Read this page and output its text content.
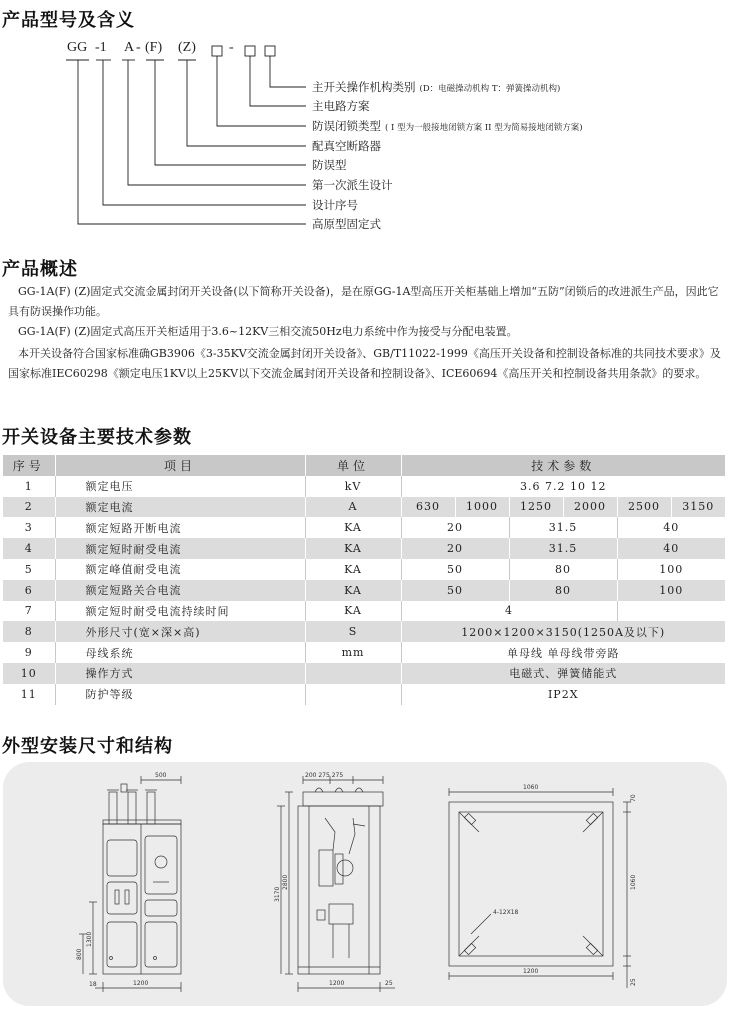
产品型号及含义
GG -1 A - (F) (Z) -
主开关操作机构类别 (D：电磁操动机构 T：弹簧操动机构)
主电路方案
防误闭锁类型 ( I 型为一般接地闭锁方案 II 型为简易接地闭锁方案)
配真空断路器
防误型
第一次派生设计
设计序号
高原型固定式
产品概述

GG-1A(F) (Z)固定式交流金属封闭开关设备(以下简称开关设备)，是在原GG-1A型高压开关柜基础上增加“五防”闭锁后的改进派生产品，因此它具有防误操作功能。

GG-1A(F) (Z)固定式高压开关柜适用于3.6~12KV三相交流50Hz电力系统中作为接受与分配电装置。

本开关设备符合国家标准确GB3906《3-35KV交流金属封闭开关设备》、GB/T11022-1999《高压开关设备和控制设备标准的共同技术要求》及国家标准IEC60298《额定电压1KV以上25KV以下交流金属封闭开关设备和控制设备》、ICE60694《高压开关和控制设备共用条款》的要求。

开关设备主要技术参数
序号	项目	单位	技术参数					
1	额定电压	kV	3.6 7.2 10 12					
2	额定电流	A	630	1000	1250	2000	2500	3150
3	额定短路开断电流	KA	20		31.5		40	
4	额定短时耐受电流	KA	20		31.5		40	
5	额定峰值耐受电流	KA	50		80		100	
6	额定短路关合电流	KA	50		80		100	
7	额定短时耐受电流持续时间	KA	4					
8	外形尺寸(宽×深×高)	S	1200×1200×3150(1250A及以下)					
9	母线系统	mm	单母线 单母线带旁路					
10	操作方式		电磁式、弹簧储能式					
11	防护等级		IP2X					
外型安装尺寸和结构
500
1300
800
18	1200
200 275 275
2800
3170
1200	25
1060
1200
70
1060
25
4-12X18
